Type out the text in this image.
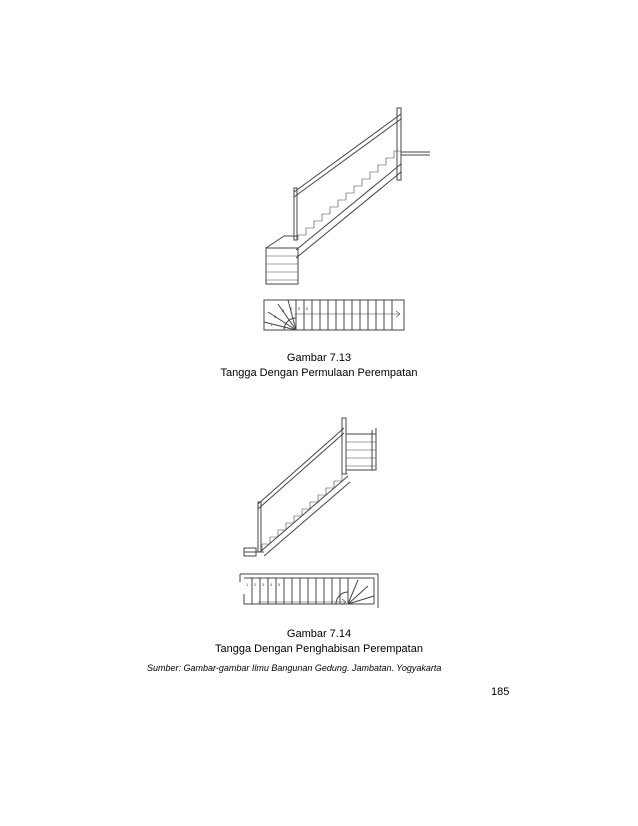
1
2
3 4 5 6
Gambar 7.13
Tangga Dengan Permulaan Perempatan
1 2 3 4 5
Gambar 7.14
Tangga Dengan Penghabisan Perempatan
Sumber: Gambar-gambar Ilmu Bangunan Gedung. Jambatan. Yogyakarta
185
